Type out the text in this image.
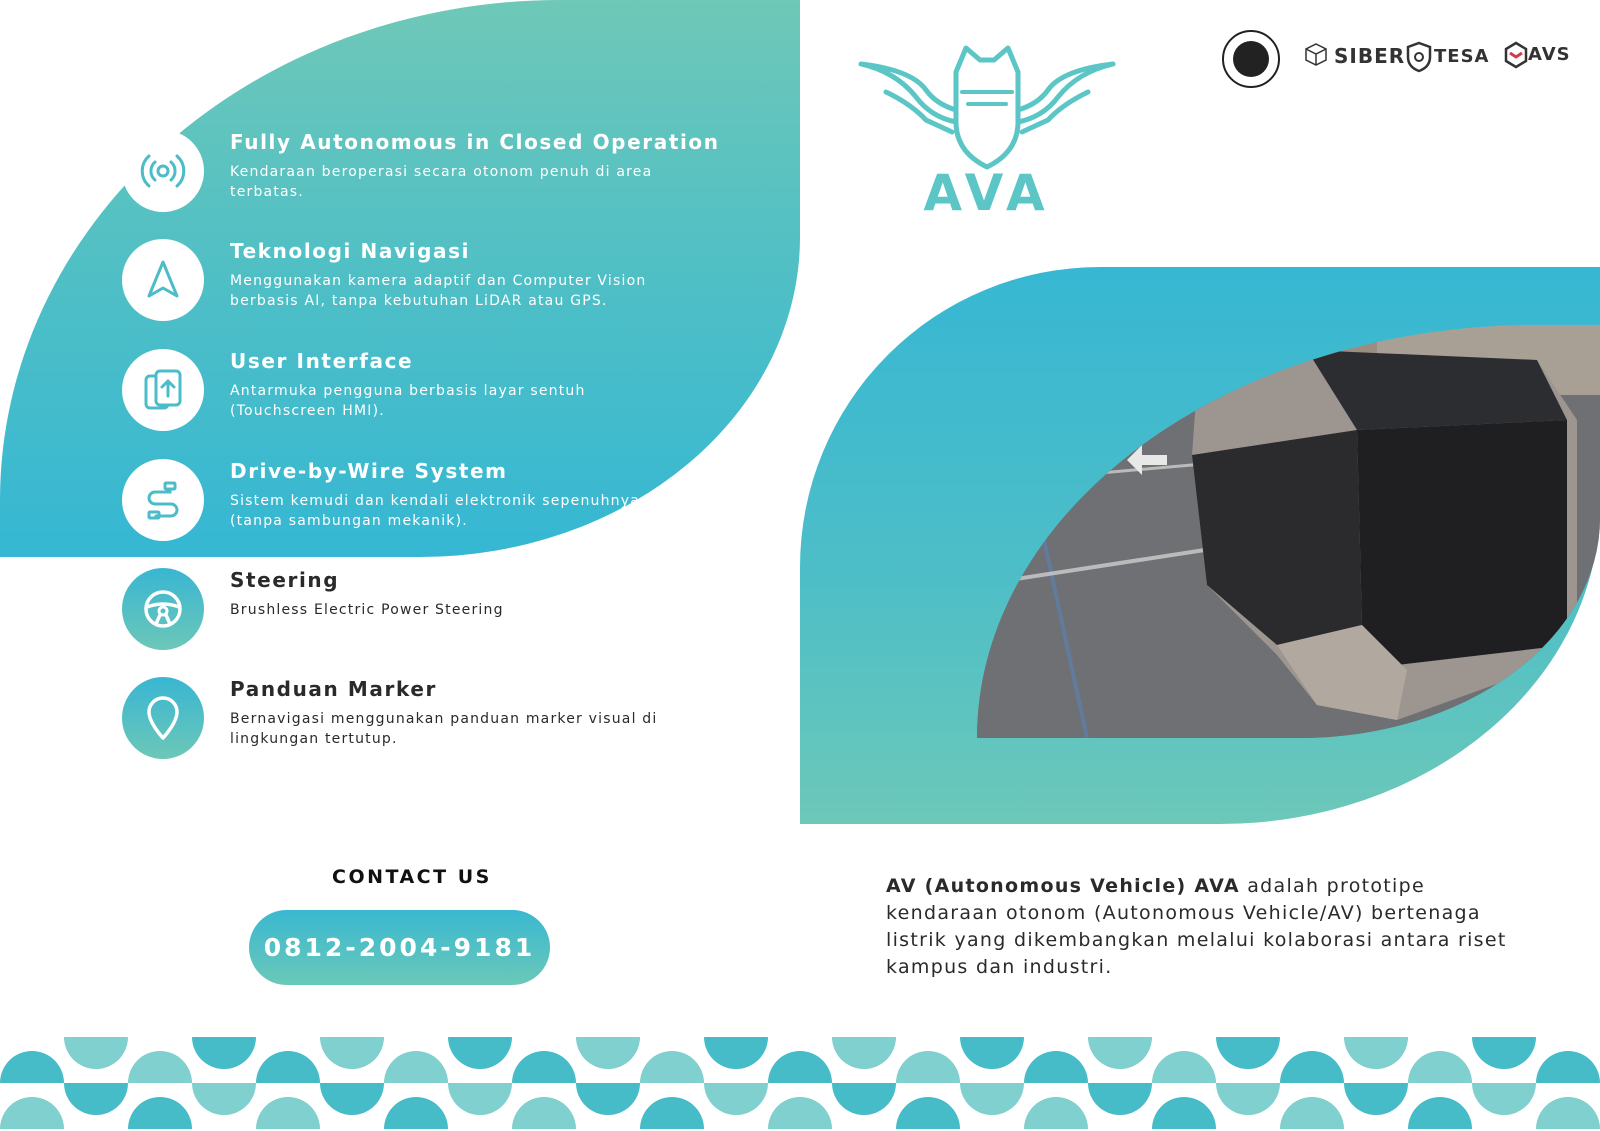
Fully Autonomous in Closed Operation
Kendaraan beroperasi secara otonom penuh di area terbatas.
Teknologi Navigasi
Menggunakan kamera adaptif dan Computer Vision berbasis AI, tanpa kebutuhan LiDAR atau GPS.
User Interface
Antarmuka pengguna berbasis layar sentuh (Touchscreen HMI).
Drive-by-Wire System
Sistem kemudi dan kendali elektronik sepenuhnya (tanpa sambungan mekanik).
Steering
Brushless Electric Power Steering
Panduan Marker
Bernavigasi menggunakan panduan marker visual di lingkungan tertutup.
AVA
SIBER TESA AVS
CONTACT US
0812-2004-9181
AV (Autonomous Vehicle) AVA adalah prototipe kendaraan otonom (Autonomous Vehicle/AV) bertenaga listrik yang dikembangkan melalui kolaborasi antara riset kampus dan industri.
